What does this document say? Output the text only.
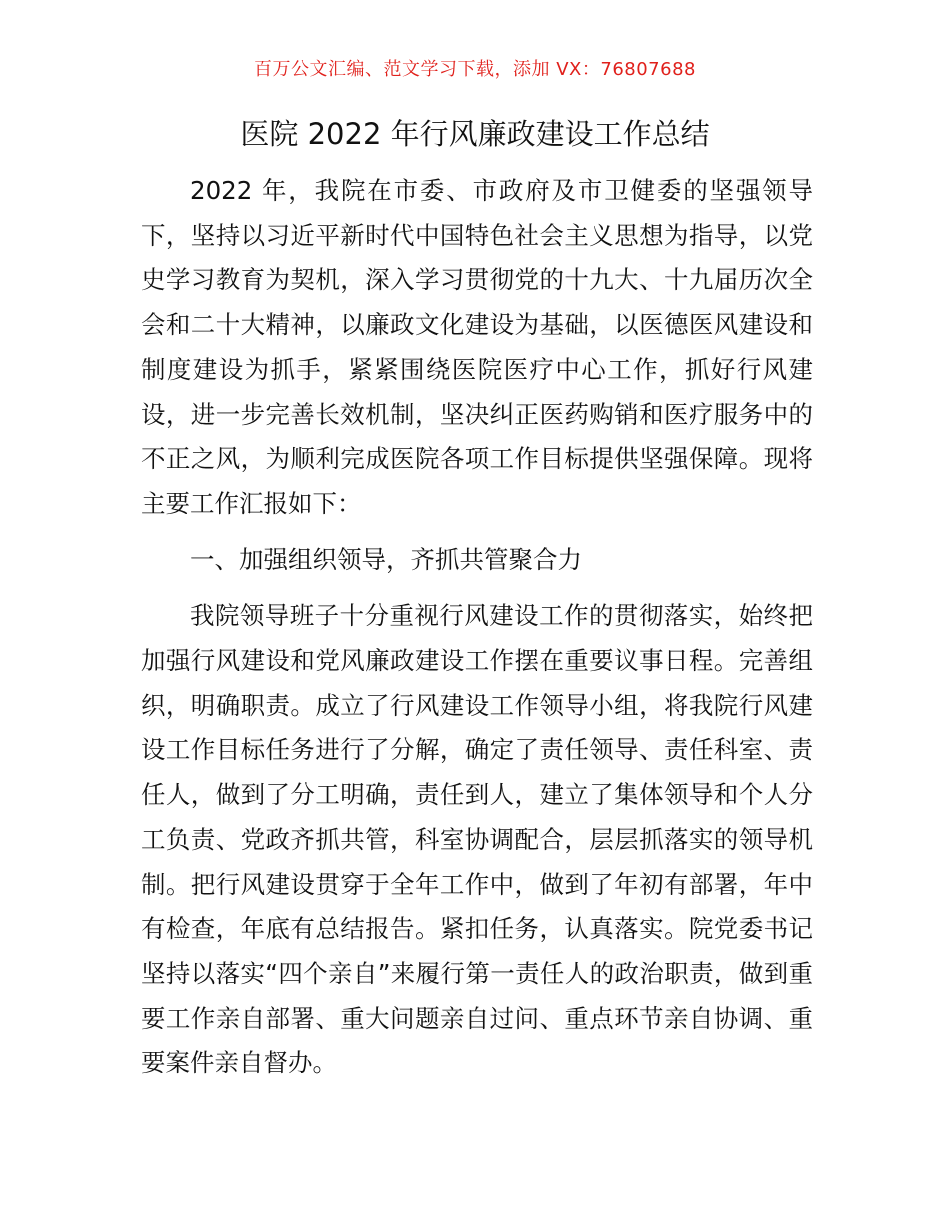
百万公文汇编、范文学习下载，添加 VX：76807688
医院 2022 年行风廉政建设工作总结

2022 年，我院在市委、市政府及市卫健委的坚强领导下，坚持以习近平新时代中国特色社会主义思想为指导，以党史学习教育为契机，深入学习贯彻党的十九大、十九届历次全会和二十大精神，以廉政文化建设为基础，以医德医风建设和制度建设为抓手，紧紧围绕医院医疗中心工作，抓好行风建设，进一步完善长效机制，坚决纠正医药购销和医疗服务中的不正之风，为顺利完成医院各项工作目标提供坚强保障。现将主要工作汇报如下：

一、加强组织领导，齐抓共管聚合力

我院领导班子十分重视行风建设工作的贯彻落实，始终把加强行风建设和党风廉政建设工作摆在重要议事日程。完善组织，明确职责。成立了行风建设工作领导小组，将我院行风建设工作目标任务进行了分解，确定了责任领导、责任科室、责任人，做到了分工明确，责任到人，建立了集体领导和个人分工负责、党政齐抓共管，科室协调配合，层层抓落实的领导机制。把行风建设贯穿于全年工作中，做到了年初有部署，年中有检查，年底有总结报告。紧扣任务，认真落实。院党委书记坚持以落实“四个亲自”来履行第一责任人的政治职责，做到重要工作亲自部署、重大问题亲自过问、重点环节亲自协调、重要案件亲自督办。
